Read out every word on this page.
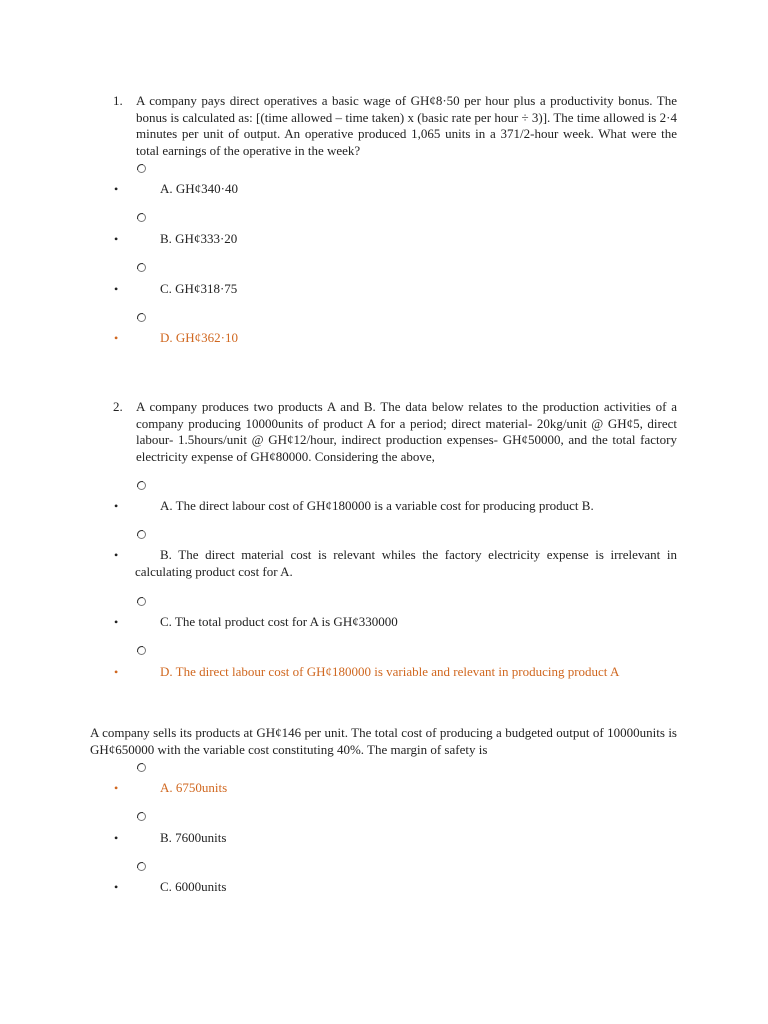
1. A company pays direct operatives a basic wage of GH¢8·50 per hour plus a productivity bonus. The bonus is calculated as: [(time allowed – time taken) x (basic rate per hour ÷ 3)]. The time allowed is 2·4 minutes per unit of output. An operative produced 1,065 units in a 371/2-hour week. What were the total earnings of the operative in the week?
•	A. GH¢340·40
•	B. GH¢333·20
•	C. GH¢318·75
•	D. GH¢362·10
2. A company produces two products A and B. The data below relates to the production activities of a company producing 10000units of product A for a period; direct material- 20kg/unit @ GH¢5, direct labour- 1.5hours/unit @ GH¢12/hour, indirect production expenses- GH¢50000, and the total factory electricity expense of GH¢80000. Considering the above,
•	A. The direct labour cost of GH¢180000 is a variable cost for producing product B.
•	B. The direct material cost is relevant whiles the factory electricity expense is irrelevant in calculating product cost for A.
•	C. The total product cost for A is GH¢330000
•	D. The direct labour cost of GH¢180000 is variable and relevant in producing product A
A company sells its products at GH¢146 per unit. The total cost of producing a budgeted output of 10000units is GH¢650000 with the variable cost constituting 40%. The margin of safety is
•	A. 6750units
•	B. 7600units
•	C. 6000units
